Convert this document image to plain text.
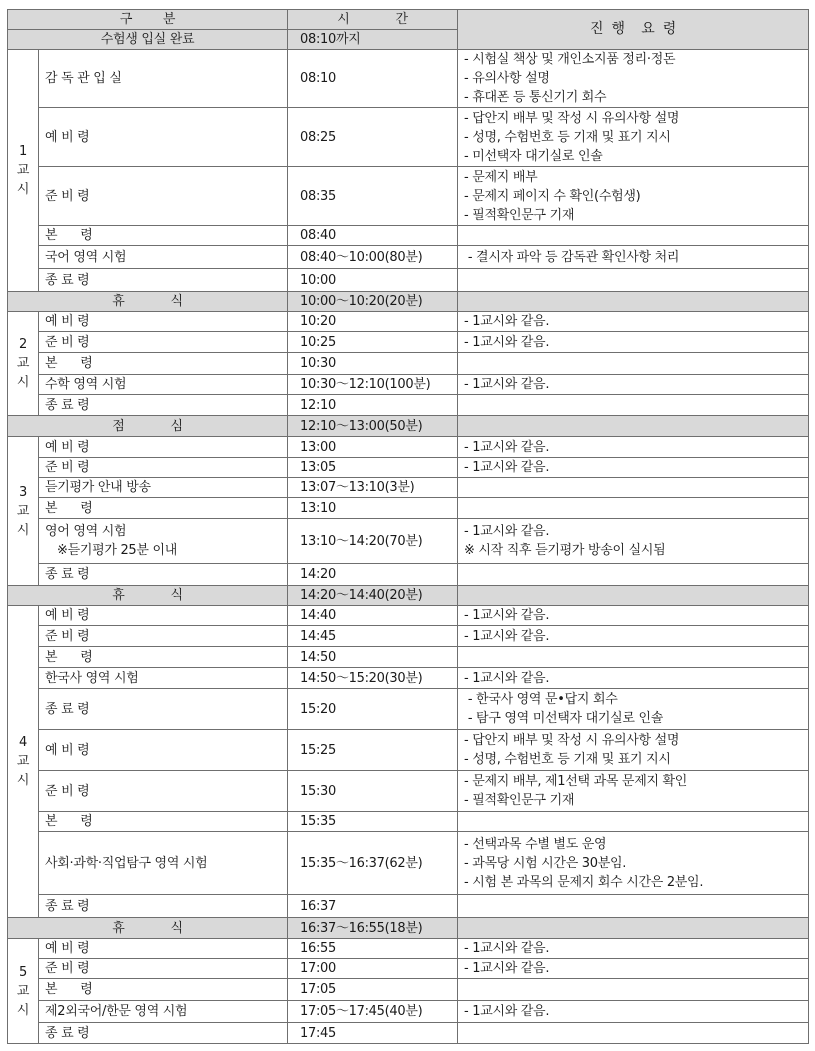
구        분		시            간	진  행    요  령
수험생 입실 완료		08:10까지	

1
교
시	감 독 관 입 실	08:10	- 시험실 책상 및 개인소지품 정리·정돈
- 유의사항 설명
- 휴대폰 등 통신기기 회수

	예 비 령	08:25	- 답안지 배부 및 작성 시 유의사항 설명
- 성명, 수험번호 등 기재 및 표기 지시
- 미선택자 대기실로 인솔

	준 비 령	08:35	- 문제지 배부
- 문제지 페이지 수 확인(수험생)
- 필적확인문구 기재

	본      령	08:40	
	국어 영역 시험	08:40～10:00(80분)	- 결시자 파악 등 감독관 확인사항 처리

	종 료 령	10:00	
휴            식		10:00～10:20(20분)	

2
교
시	예 비 령	10:20	- 1교시와 같음.

	준 비 령	10:25	- 1교시와 같음.

	본      령	10:30	
	수학 영역 시험	10:30～12:10(100분)	- 1교시와 같음.

	종 료 령	12:10	
점            심		12:10～13:00(50분)	

3
교
시	예 비 령	13:00	- 1교시와 같음.

	준 비 령	13:05	- 1교시와 같음.

	듣기평가 안내 방송	13:07～13:10(3분)	
	본      령	13:10	
	영어 영역 시험
※듣기평가 25분 이내	13:10～14:20(70분)	- 1교시와 같음.
※ 시작 직후 듣기평가 방송이 실시됨

	종 료 령	14:20	
휴            식		14:20～14:40(20분)	

4
교
시	예 비 령	14:40	- 1교시와 같음.

	준 비 령	14:45	- 1교시와 같음.

	본      령	14:50	
	한국사 영역 시험	14:50～15:20(30분)	- 1교시와 같음.

	종 료 령	15:20	- 한국사 영역 문•답지 회수
- 탐구 영역 미선택자 대기실로 인솔

	예 비 령	15:25	- 답안지 배부 및 작성 시 유의사항 설명
- 성명, 수험번호 등 기재 및 표기 지시

	준 비 령	15:30	- 문제지 배부, 제1선택 과목 문제지 확인
- 필적확인문구 기재

	본      령	15:35	
	사회·과학·직업탐구 영역 시험	15:35～16:37(62분)	- 선택과목 수별 별도 운영
- 과목당 시험 시간은 30분임.
- 시험 본 과목의 문제지 회수 시간은 2분임.

	종 료 령	16:37	
휴            식		16:37～16:55(18분)	

5
교
시	예 비 령	16:55	- 1교시와 같음.

	준 비 령	17:00	- 1교시와 같음.

	본      령	17:05	
	제2외국어/한문 영역 시험	17:05～17:45(40분)	- 1교시와 같음.

	종 료 령	17:45	
